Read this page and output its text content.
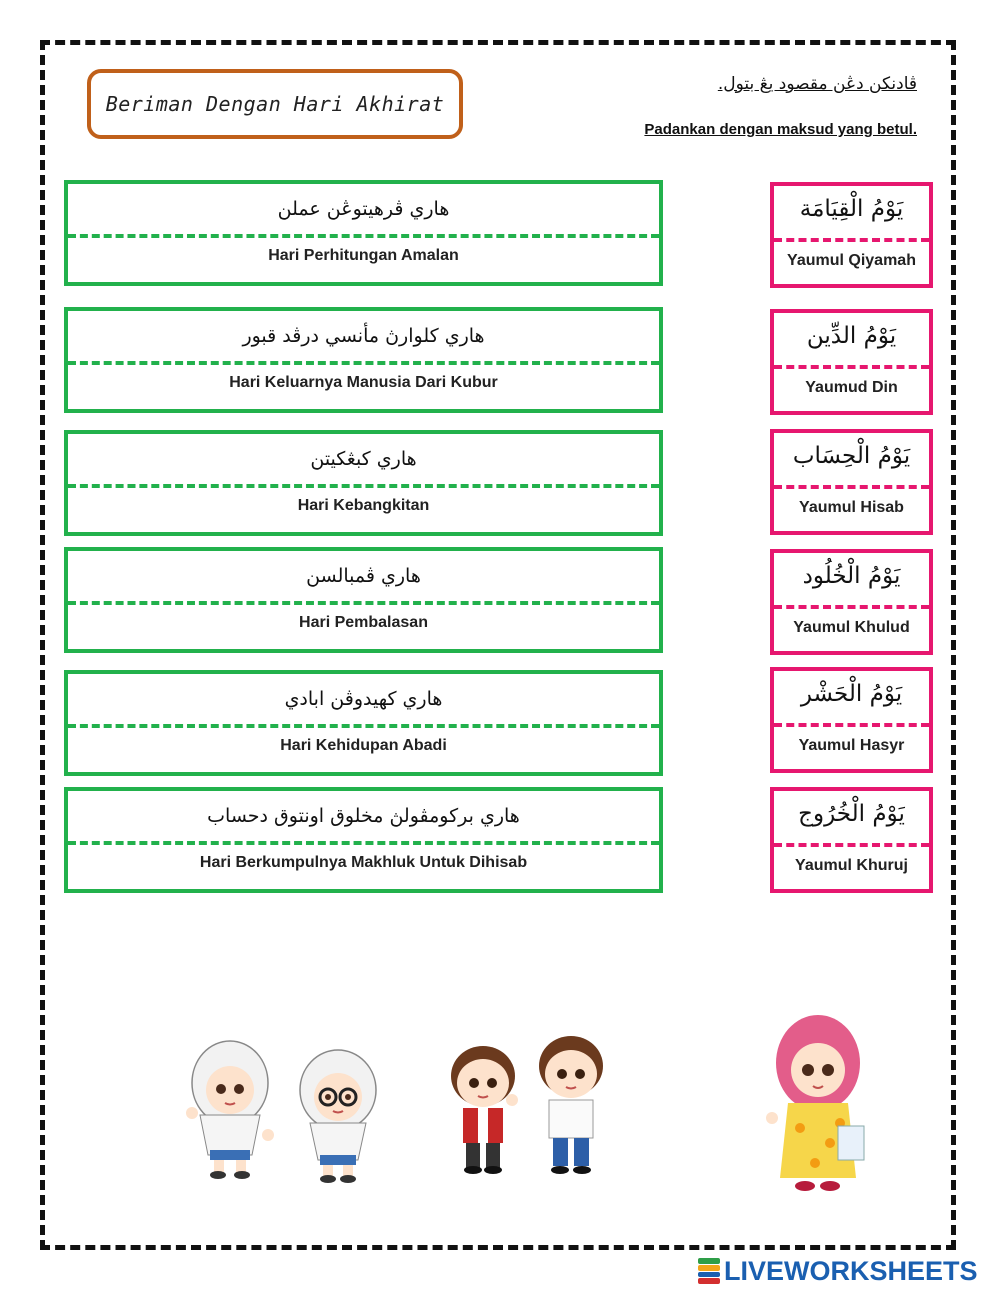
Beriman Dengan Hari Akhirat
ڤادنكن دڠن مقصود يڠ بتول.
Padankan dengan maksud yang betul.
هاري ڤرهيتوڠن عملن
Hari Perhitungan Amalan
هاري كلوارڽ مأنسي درڤد قبور
Hari Keluarnya Manusia Dari Kubur
هاري كبڠكيتن
Hari Kebangkitan
هاري ڤمبالسن
Hari Pembalasan
هاري كهيدوڤن ابادي
Hari Kehidupan Abadi
هاري بركومڤولڽ مخلوق اونتوق دحساب
Hari Berkumpulnya Makhluk Untuk Dihisab
يَوْمُ الْقِيَامَة
Yaumul Qiyamah
يَوْمُ الدِّين
Yaumud Din
يَوْمُ الْحِسَاب
Yaumul Hisab
يَوْمُ الْخُلُود
Yaumul Khulud
يَوْمُ الْحَشْر
Yaumul Hasyr
يَوْمُ الْخُرُوج
Yaumul Khuruj
LIVEWORKSHEETS
